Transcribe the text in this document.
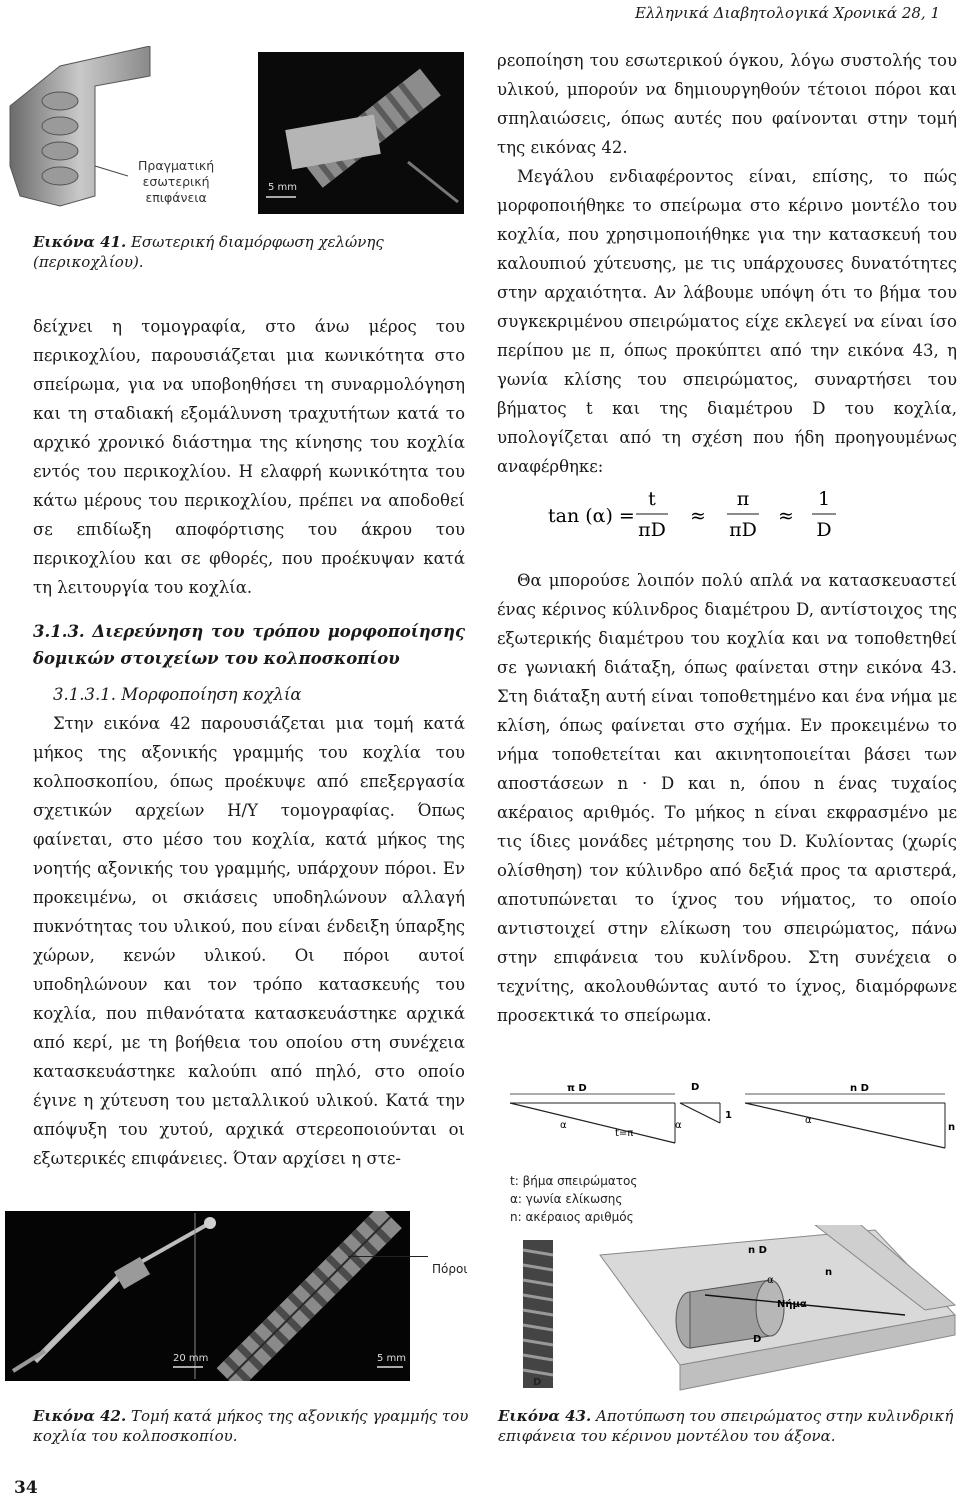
Ελληνικά Διαβητολογικά Χρονικά 28, 1
Πραγματική
εσωτερική
επιφάνεια
5 mm
Εικόνα 41. Εσωτερική διαμόρφωση χελώνης (περικοχλίου).

δείχνει η τομογραφία, στο άνω μέρος του περικοχλίου, παρουσιάζεται μια κωνικότητα στο σπείρωμα, για να υποβοηθήσει τη συναρμολόγηση και τη σταδιακή εξομάλυνση τραχυτήτων κατά το αρχικό χρονικό διάστημα της κίνησης του κοχλία εντός του περικοχλίου. Η ελαφρή κωνικότητα του κάτω μέρους του περικοχλίου, πρέπει να αποδοθεί σε επιδίωξη αποφόρτισης του άκρου του περικοχλίου και σε φθορές, που προέκυψαν κατά τη λειτουργία του κοχλία.

3.1.3. Διερεύνηση του τρόπου μορφοποίησης δομικών στοιχείων του κολποσκοπίου

3.1.3.1. Μορφοποίηση κοχλία

Στην εικόνα 42 παρουσιάζεται μια τομή κατά μήκος της αξονικής γραμμής του κοχλία του κολποσκοπίου, όπως προέκυψε από επεξεργασία σχετικών αρχείων Η/Υ τομογραφίας. Όπως φαίνεται, στο μέσο του κοχλία, κατά μήκος της νοητής αξονικής του γραμμής, υπάρχουν πόροι. Εν προκειμένω, οι σκιάσεις υποδηλώνουν αλλαγή πυκνότητας του υλικού, που είναι ένδειξη ύπαρξης χώρων, κενών υλικού. Οι πόροι αυτοί υποδηλώνουν και τον τρόπο κατασκευής του κοχλία, που πιθανότατα κατασκευάστηκε αρχικά από κερί, με τη βοήθεια του οποίου στη συνέχεια κατασκευάστηκε καλούπι από πηλό, στο οποίο έγινε η χύτευση του μεταλλικού υλικού. Κατά την απόψυξη του χυτού, αρχικά στερεοποιούνται οι εξωτερικές επιφάνειες. Όταν αρχίσει η στε-

ρεοποίηση του εσωτερικού όγκου, λόγω συστολής του υλικού, μπορούν να δημιουργηθούν τέτοιοι πόροι και σπηλαιώσεις, όπως αυτές που φαίνονται στην τομή της εικόνας 42.

Μεγάλου ενδιαφέροντος είναι, επίσης, το πώς μορφοποιήθηκε το σπείρωμα στο κέρινο μοντέλο του κοχλία, που χρησιμοποιήθηκε για την κατασκευή του καλουπιού χύτευσης, με τις υπάρχουσες δυνατότητες στην αρχαιότητα. Αν λάβουμε υπόψη ότι το βήμα του συγκεκριμένου σπειρώματος είχε εκλεγεί να είναι ίσο περίπου με π, όπως προκύπτει από την εικόνα 43, η γωνία κλίσης του σπειρώματος, συναρτήσει του βήματος t και της διαμέτρου D του κοχλία, υπολογίζεται από τη σχέση που ήδη προηγουμένως αναφέρθηκε:

tan (α) =
t
πD
≈
π
πD
≈
1
D

Θα μπορούσε λοιπόν πολύ απλά να κατασκευαστεί ένας κέρινος κύλινδρος διαμέτρου D, αντίστοιχος της εξωτερικής διαμέτρου του κοχλία και να τοποθετηθεί σε γωνιακή διάταξη, όπως φαίνεται στην εικόνα 43. Στη διάταξη αυτή είναι τοποθετημένο και ένα νήμα με κλίση, όπως φαίνεται στο σχήμα. Εν προκειμένω το νήμα τοποθετείται και ακινητοποιείται βάσει των αποστάσεων n · D και n, όπου n ένας τυχαίος ακέραιος αριθμός. Το μήκος n είναι εκφρασμένο με τις ίδιες μονάδες μέτρησης του D. Κυλίοντας (χωρίς ολίσθηση) τον κύλινδρο από δεξιά προς τα αριστερά, αποτυπώνεται το ίχνος του νήματος, το οποίο αντιστοιχεί στην ελίκωση του σπειρώματος, πάνω στην επιφάνεια του κυλίνδρου. Στη συνέχεια ο τεχνίτης, ακολουθώντας αυτό το ίχνος, διαμόρφωνε προσεκτικά το σπείρωμα.

π D
α
t=π
D
α
1
n D
α
n
t: βήμα σπειρώματος
α: γωνία ελίκωσης
n: ακέραιος αριθμός
D
n D
α
n
Νήμα
D
20 mm	5 mm
Πόροι
Εικόνα 42. Τομή κατά μήκος της αξονικής γραμμής του κοχλία του κολποσκοπίου.
Εικόνα 43. Αποτύπωση του σπειρώματος στην κυλινδρική επιφάνεια του κέρινου μοντέλου του άξονα.
34
